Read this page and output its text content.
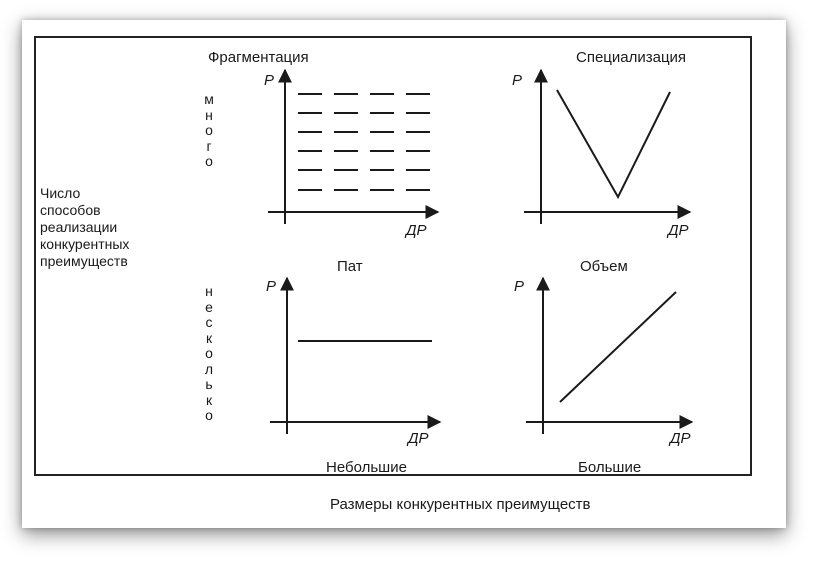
Число
способов
реализации
конкурентных
преимуществ
м
н
о
г
о
н
е
с
к
о
л
ь
к
о
Фрагментация	Специализация
Пат	Объем
P
ДР
P
ДР
P
ДР
P
ДР
Небольшие	Большие
Размеры конкурентных преимуществ
